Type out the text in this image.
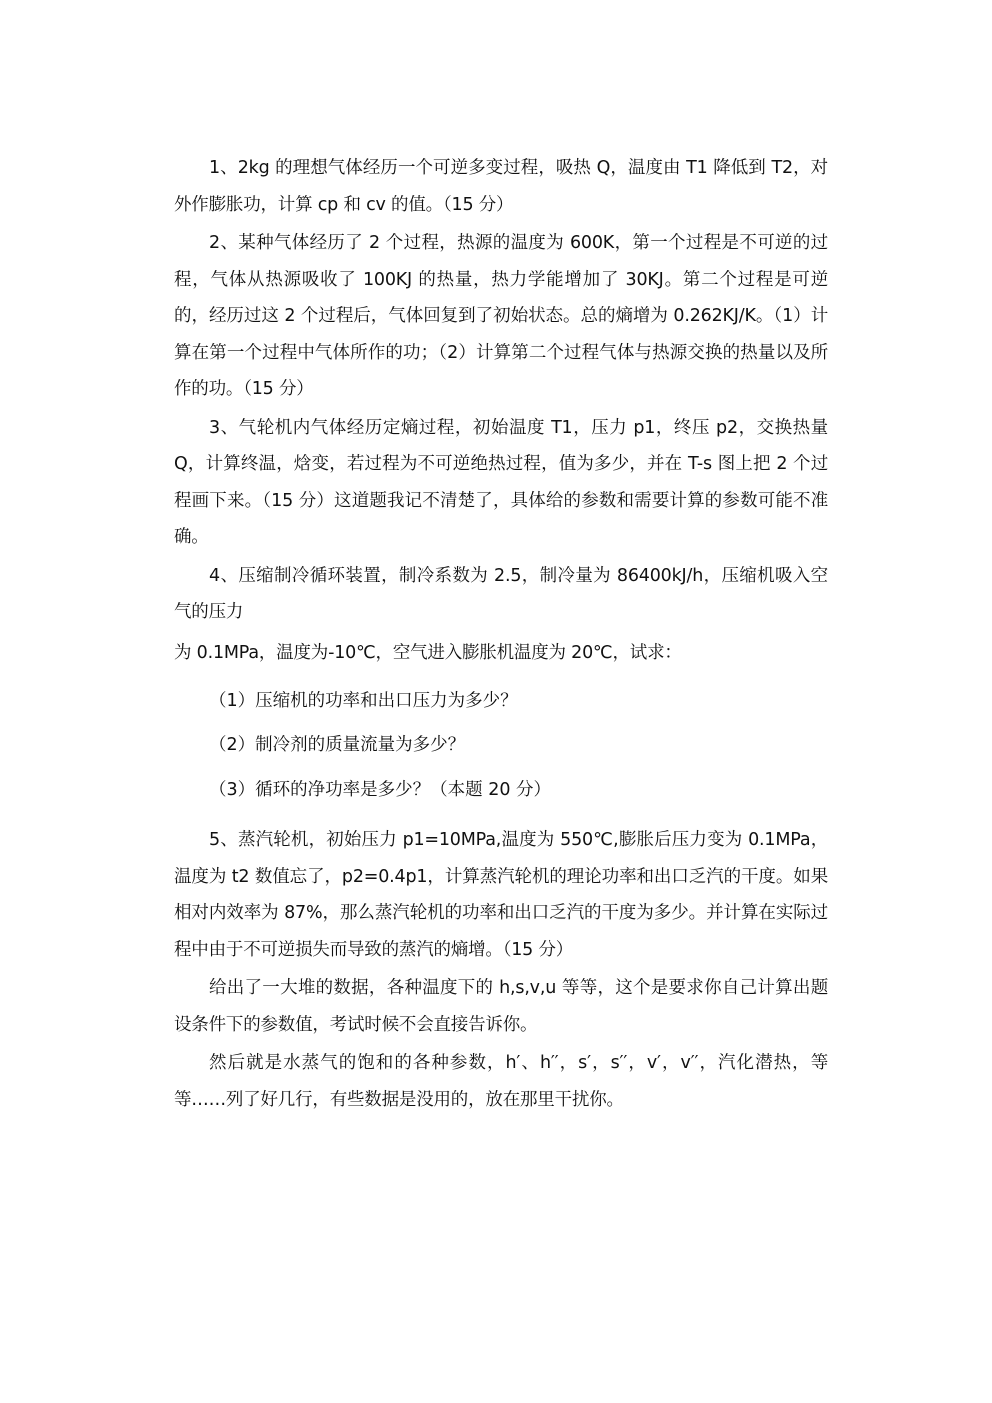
1、2kg 的理想气体经历一个可逆多变过程，吸热 Q，温度由 T1 降低到 T2，对外作膨胀功，计算 cp 和 cv 的值。（15 分）

2、某种气体经历了 2 个过程，热源的温度为 600K，第一个过程是不可逆的过程，气体从热源吸收了 100KJ 的热量，热力学能增加了 30KJ。第二个过程是可逆的，经历过这 2 个过程后，气体回复到了初始状态。总的熵增为 0.262KJ/K。（1）计算在第一个过程中气体所作的功；（2）计算第二个过程气体与热源交换的热量以及所作的功。（15 分）

3、气轮机内气体经历定熵过程，初始温度 T1，压力 p1，终压 p2，交换热量 Q，计算终温，焓变，若过程为不可逆绝热过程，值为多少，并在 T-s 图上把 2 个过程画下来。（15 分）这道题我记不清楚了，具体给的参数和需要计算的参数可能不准确。

4、压缩制冷循环装置，制冷系数为 2.5，制冷量为 86400kJ/h，压缩机吸入空气的压力

为 0.1MPa，温度为-10℃，空气进入膨胀机温度为 20℃，试求：

（1）压缩机的功率和出口压力为多少？

（2）制冷剂的质量流量为多少？

（3）循环的净功率是多少？（本题 20 分）

5、蒸汽轮机，初始压力 p1=10MPa,温度为 550℃,膨胀后压力变为 0.1MPa，温度为 t2 数值忘了，p2=0.4p1，计算蒸汽轮机的理论功率和出口乏汽的干度。如果相对内效率为 87%，那么蒸汽轮机的功率和出口乏汽的干度为多少。并计算在实际过程中由于不可逆损失而导致的蒸汽的熵增。（15 分）

给出了一大堆的数据，各种温度下的 h,s,v,u 等等，这个是要求你自己计算出题设条件下的参数值，考试时候不会直接告诉你。

然后就是水蒸气的饱和的各种参数，h′、h′′，s′，s′′，v′，v′′，汽化潜热，等等……列了好几行，有些数据是没用的，放在那里干扰你。
